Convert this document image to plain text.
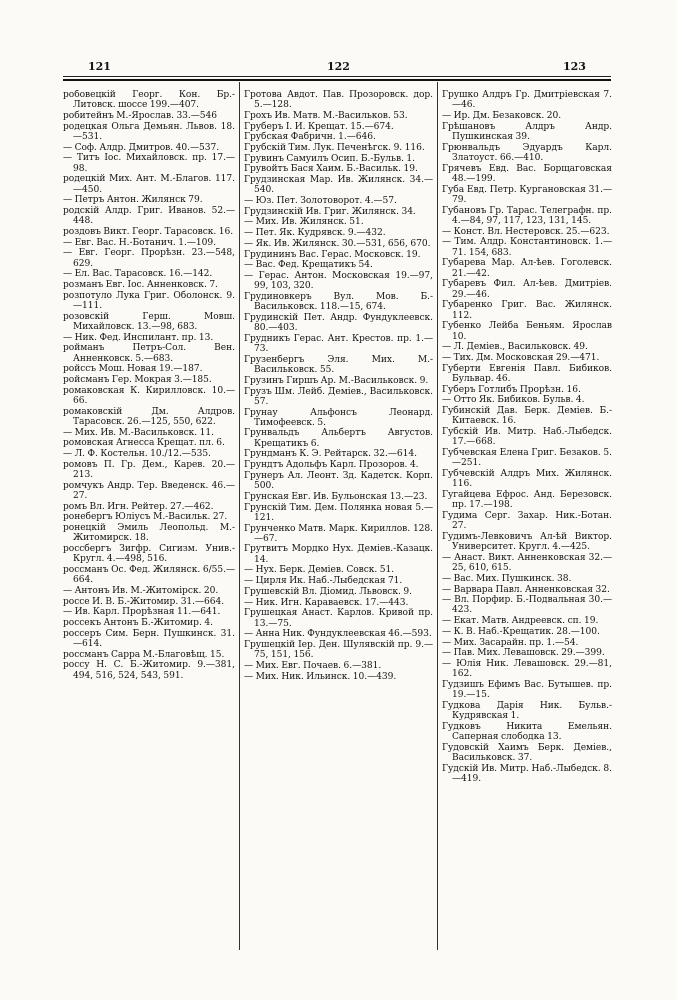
121	122	123

робовецкій Георг. Кон. Бр.-Литовск. шоссе 199.—407.

робитейнъ М.-Ярослав. 33.—546

родецкая Ольга Демьян. Львов. 18.—531.

— Соф. Алдр. Дмитров. 40.—537.

— Титъ Іос. Михайловск. пр. 17.—98.

родецкій Мих. Ант. М.-Благов. 117.—450.

— Петръ Антон. Жилянск 79.

родскій Алдр. Григ. Иванов. 52.—448.

роздовъ Викт. Георг. Тарасовск. 16.

— Евг. Вас. Н.-Ботанич. 1.—109.

— Евг. Георг. Прорѣзн. 23.—548, 629.

— Ел. Вас. Тарасовск. 16.—142.

розманъ Евг. Іос. Анненковск. 7.

розпотулo Лука Григ. Оболонск. 9.—111.

розовскій Герш. Мовш. Михайловск. 13.—98, 683.

— Ник. Фед. Инспилант. пр. 13.

ройманъ Петръ-Сол. Вен. Анненковск. 5.—683.

ройссъ Мош. Новая 19.—187.

ройсманъ Гер. Мокрая 3.—185.

ромаковская К. Кирилловск. 10.—66.

ромаковскій Дм. Алдров. Тарасовск. 26.—125, 550, 622.

— Мих. Ив. М.-Васильковск. 11.

ромовская Агнесса Крещат. пл. 6.

— Л. Ф. Костельн. 10./12.—535.

ромовъ П. Гр. Дем., Карев. 20.—213.

ромчукъ Андр. Тер. Введенск. 46.—27.

ромъ Вл. Игн. Рейтер. 27.—462.

ронебергъ Юліусъ М.-Васильк. 27.

ронецкій Эмиль Леопольд. М.-Житомирск. 18.

россбергъ Зигфр. Сигизм. Унив.-Кругл. 4.—498, 516.

россманъ Ос. Фед. Жилянск. 6/55.—664.

— Антонъ Ив. М.-Житомірск. 20.

россе И. В. Б.-Житомир. 31.—664.

— Ив. Карл. Прорѣзная 11.—641.

россекъ Антонъ Б.-Житомир. 4.

россеръ Сим. Берн. Пушкинск. 31.—614.

россманъ Сарра М.-Благовѣщ. 15.

россу Н. С. Б.-Житомир. 9.—381, 494, 516, 524, 543, 591.

Гротова Авдот. Пав. Прозоровск. дор. 5.—128.

Грохъ Ив. Матв. М.-Васильков. 53.

Груберъ І. И. Крещат. 15.—674.

Грубская Фабричн. 1.—646.

Грубскій Тим. Лук. Печенѣгск. 9. 116.

Грувинъ Самуилъ Осип. Б.-Бульв. 1.

Грувойтъ Бася Хаим. Б.-Васильк. 19.

Грудзинская Мар. Ив. Жилянск. 34.—540.

— Юз. Пет. Золотоворот. 4.—57.

Грудзинскій Ив. Григ. Жилянск. 34.

— Мих. Ив. Жилянск. 51.

— Пет. Як. Кудрявск. 9.—432.

— Як. Ив. Жилянск. 30.—531, 656, 670.

Грудининъ Вас. Герас. Московск. 19.

— Вас. Фед. Крещатикъ 54.

— Герас. Антон. Московская 19.—97, 99, 103, 320.

Грудиновкеръ Вул. Мов. Б.-Васильковск. 118.—15, 674.

Грудинскій Пет. Андр. Фундуклеевск. 80.—403.

Грудникъ Герас. Ант. Крестов. пр. 1.—73.

Грузенбергъ Эля. Мих. М.-Васильковск. 55.

Грузинъ Гиршъ Ар. М.-Васильковск. 9.

Грузъ Шм. Лейб. Деміев., Васильковск. 57.

Грунау Альфонсъ Леонард. Тимофеевск. 5.

Грунвальдъ Альбертъ Августов. Крещатикъ 6.

Грундманъ К. Э. Рейтарск. 32.—614.

Грундтъ Адольфъ Карл. Прозоров. 4.

Грунеръ Ал. Леонт. Зд. Кадетск. Корп. 500.

Грунская Евг. Ив. Бульонская 13.—23.

Грунскій Тим. Дем. Полянка новая 5.—121.

Грунченко Матв. Марк. Кириллов. 128.—67.

Грутвитъ Мордко Нух. Деміев.-Казацк. 14.

— Нух. Берк. Деміев. Совск. 51.

— Цирля Ик. Наб.-Лыбедская 71.

Грушевскій Вл. Діомид. Львовск. 9.

— Ник. Игн. Караваевск. 17.—443.

Грушецкая Анаст. Карлов. Кривой пр. 13.—75.

— Анна Ник. Фундуклеевская 46.—593.

Грушецкій Іер. Ден. Шулявскій пр. 9.—75, 151, 156.

— Мих. Евг. Почаев. 6.—381.

— Мих. Ник. Ильинск. 10.—439.

Грушко Алдръ Гр. Дмитріевская 7.—46.

— Ир. Дм. Безаковск. 20.

Грѣшановъ Алдръ Андр. Пушкинская 39.

Грюнвальдъ Эдуардъ Карл. Златоуст. 66.—410.

Грячевъ Евд. Вас. Борщаговская 48.—199.

Губа Евд. Петр. Кургановская 31.—79.

Губановъ Гр. Тарас. Телеграфн. пр. 4.—84, 97, 117, 123, 131, 145.

— Конст. Вл. Нестеровск. 25.—623.

— Тим. Алдр. Константиновск. 1.—71. 154, 683.

Губарева Мар. Ал-ѣев. Гоголевск. 21.—42.

Губаревъ Фил. Ал-ѣев. Дмитріев. 29.—46.

Губаренко Григ. Вас. Жилянск. 112.

Губенко Лейба Беньям. Ярослав 10.

— Л. Деміев., Васильковск. 49.

— Тих. Дм. Московская 29.—471.

Губерти Евгенія Павл. Бибиков. Бульвар. 46.

Губеръ Готлибъ Прорѣзн. 16.

— Отто Як. Бибиков. Бульв. 4.

Губинскій Дав. Берк. Деміев. Б.-Китаевск. 16.

Губскій Ив. Митр. Наб.-Лыбедск. 17.—668.

Губчевская Елена Григ. Безаков. 5.—251.

Губчевскій Алдръ Мих. Жилянск. 116.

Гугайцева Ефрос. Анд. Березовск. пр. 17.—198.

Гудима Серг. Захар. Ник.-Ботан. 27.

Гудимъ-Левковичъ Ал-ѣй Виктор. Университет. Кругл. 4.—425.

— Анаст. Викт. Анненковская 32.—25, 610, 615.

— Вас. Мих. Пушкинск. 38.

— Варвара Павл. Анненковская 32.

— Вл. Порфир. Б.-Подвальная 30.—423.

— Екат. Матв. Андреевск. сп. 19.

— К. В. Наб.-Крещатик. 28.—100.

— Мих. Засарайн. пр. 1.—54.

— Пав. Мих. Левашовск. 29.—399.

— Юлія Ник. Левашовск. 29.—81, 162.

Гудзишъ Ефимъ Вас. Бутышев. пр. 19.—15.

Гудкова Дарія Ник. Бульв.-Кудрявская 1.

Гудковъ Никита Емельян. Саперная слободка 13.

Гудовскій Хаимъ Берк. Деміев., Васильковск. 37.

Гудскій Ив. Митр. Наб.-Лыбедск. 8.—419.
